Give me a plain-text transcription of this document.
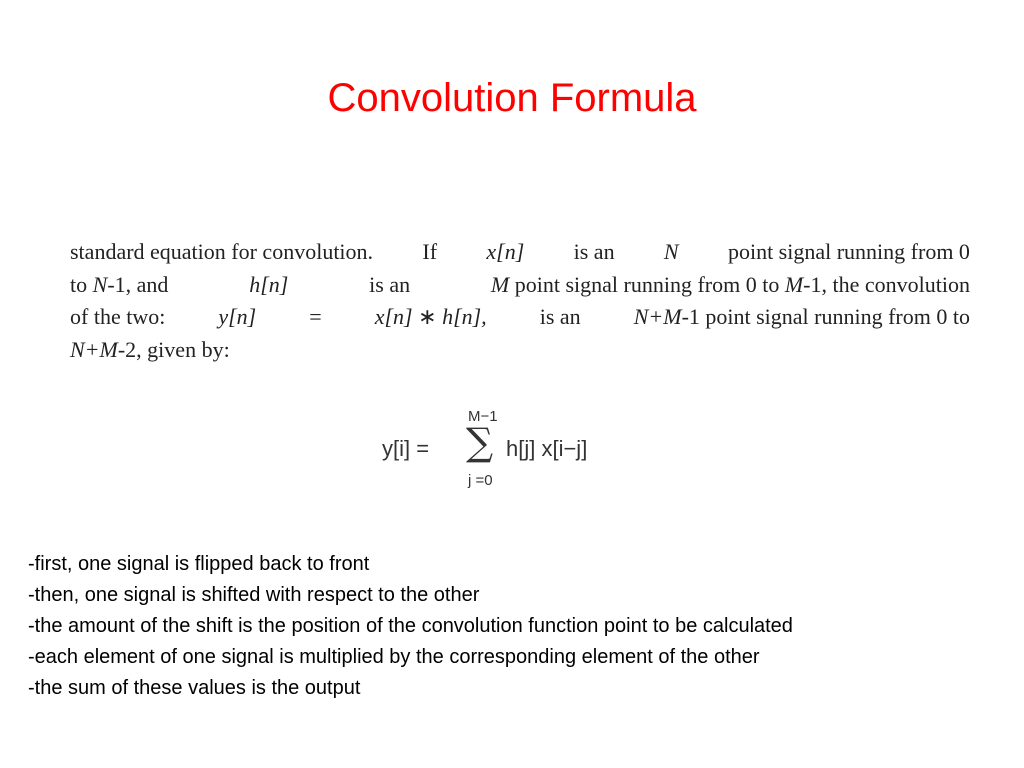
Convolution Formula
standard equation for convolution. If x[n] is an N point signal running from 0
to N-1, and	h[n]	is an	M point signal running from 0 to M-1, the convolution
of the two: y[n] = x[n] ∗ h[n], is an N+M-1 point signal running from 0 to
N+M-2, given by:
y[i] =
M−1
∑
j =0
h[j] x[i−j]
-first, one signal is flipped back to front
-then, one signal is shifted with respect to the other
-the amount of the shift is the position of the convolution function point to be calculated
-each element of one signal is multiplied by the corresponding element of the other
-the sum of these values is the output
